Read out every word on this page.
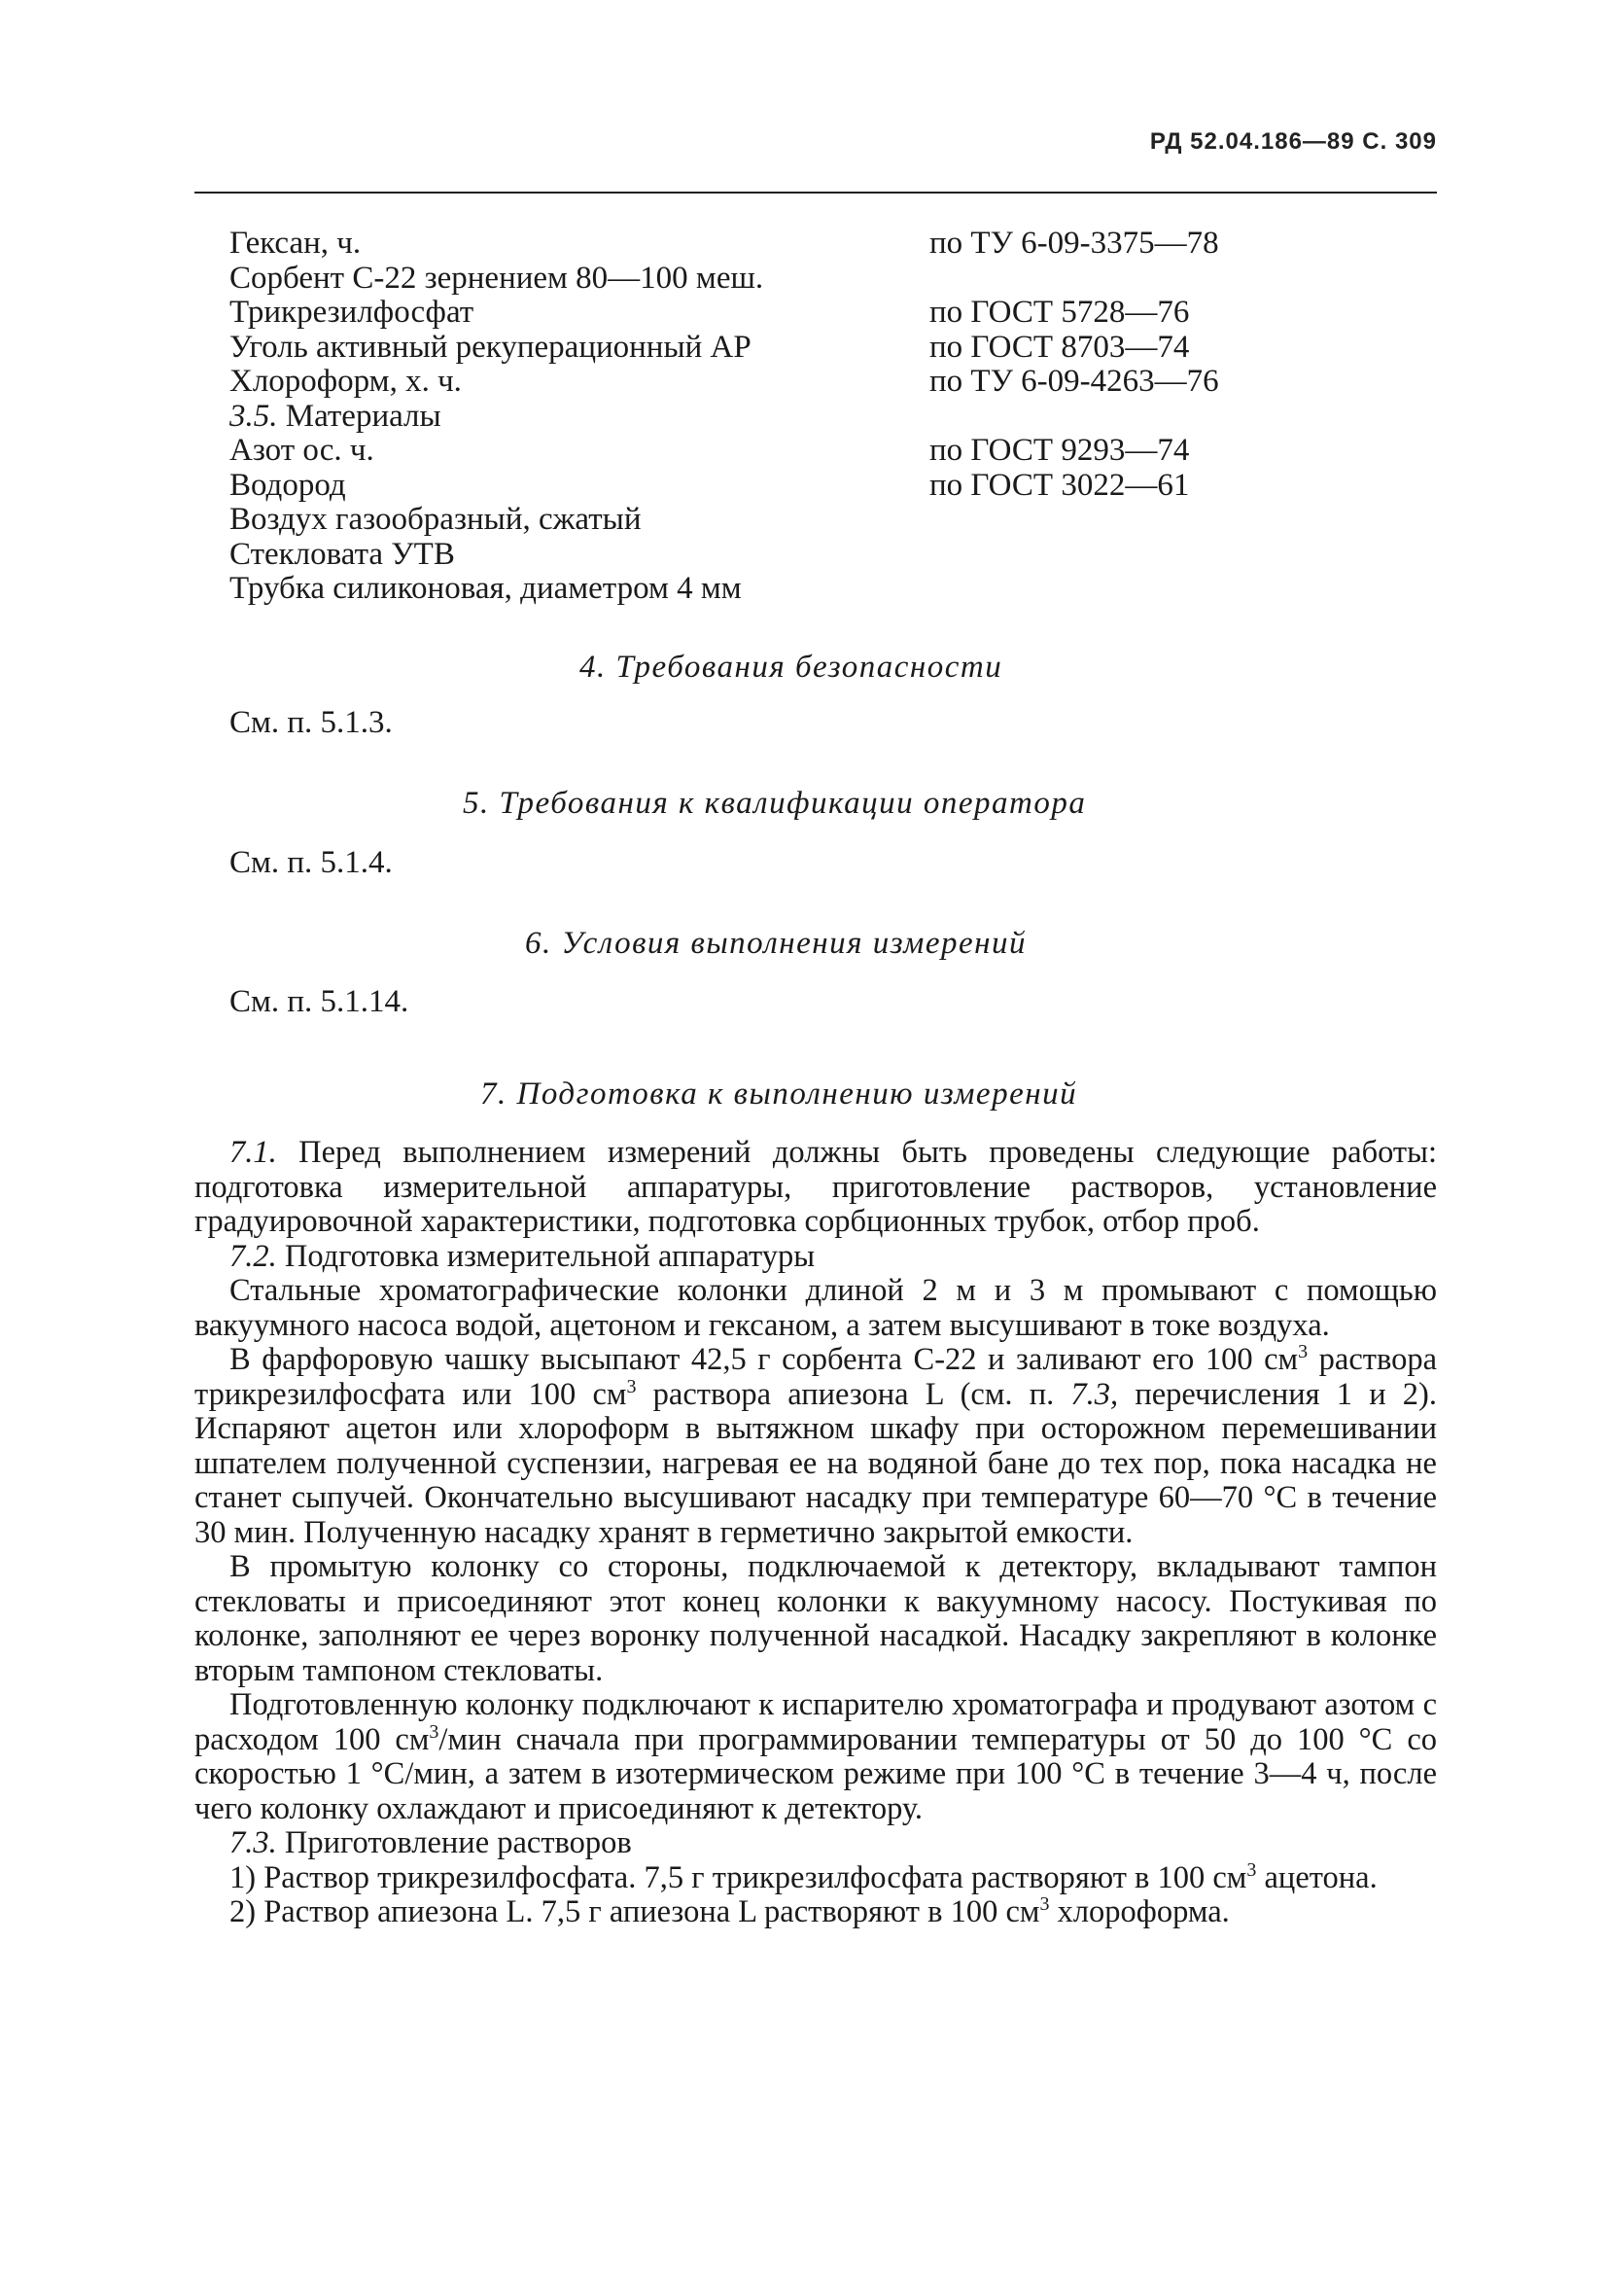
РД 52.04.186—89 С. 309
Гексан, ч.	по ТУ 6-09-3375—78
Сорбент С-22 зернением 80—100 меш.
Трикрезилфосфат	по ГОСТ 5728—76
Уголь активный рекуперационный АР	по ГОСТ 8703—74
Хлороформ, х. ч.	по ТУ 6-09-4263—76
3.5. Материалы
Азот ос. ч.	по ГОСТ 9293—74
Водород	по ГОСТ 3022—61
Воздух газообразный, сжатый
Стекловата УТВ
Трубка силиконовая, диаметром 4 мм
4. Требования безопасности
См. п. 5.1.3.
5. Требования к квалификации оператора
См. п. 5.1.4.
6. Условия выполнения измерений
См. п. 5.1.14.
7. Подготовка к выполнению измерений

7.1. Перед выполнением измерений должны быть проведены следующие работы: подготовка измерительной аппаратуры, приготовление растворов, установление градуировочной характеристики, подготовка сорбционных трубок, отбор проб.

7.2. Подготовка измерительной аппаратуры

Стальные хроматографические колонки длиной 2 м и 3 м промывают с помощью вакуумного насоса водой, ацетоном и гексаном, а затем высушивают в токе воздуха.

В фарфоровую чашку высыпают 42,5 г сорбента С-22 и заливают его 100 $см^3$ раствора трикрезилфосфата или 100 $см^3$ раствора апиезона L (см. п. 7.3, перечисления 1 и 2). Испаряют ацетон или хлороформ в вытяжном шкафу при осторожном перемешивании шпателем полученной суспензии, нагревая ее на водяной бане до тех пор, пока насадка не станет сыпучей. Окончательно высушивают насадку при температуре 60—70 °С в течение 30 мин. Полученную насадку хранят в герметично закрытой емкости.

В промытую колонку со стороны, подключаемой к детектору, вкладывают тампон стекловаты и присоединяют этот конец колонки к вакуумному насосу. Постукивая по колонке, заполняют ее через воронку полученной насадкой. Насадку закрепляют в колонке вторым тампоном стекловаты.

Подготовленную колонку подключают к испарителю хроматографа и продувают азотом с расходом 100 $см^3$/мин сначала при программировании температуры от 50 до 100 °С со скоростью 1 °С/мин, а затем в изотермическом режиме при 100 °С в течение 3—4 ч, после чего колонку охлаждают и присоединяют к детектору.

7.3. Приготовление растворов

1) Раствор трикрезилфосфата. 7,5 г трикрезилфосфата растворяют в 100 $см^3$ ацетона.

2) Раствор апиезона L. 7,5 г апиезона L растворяют в 100 $см^3$ хлороформа.
